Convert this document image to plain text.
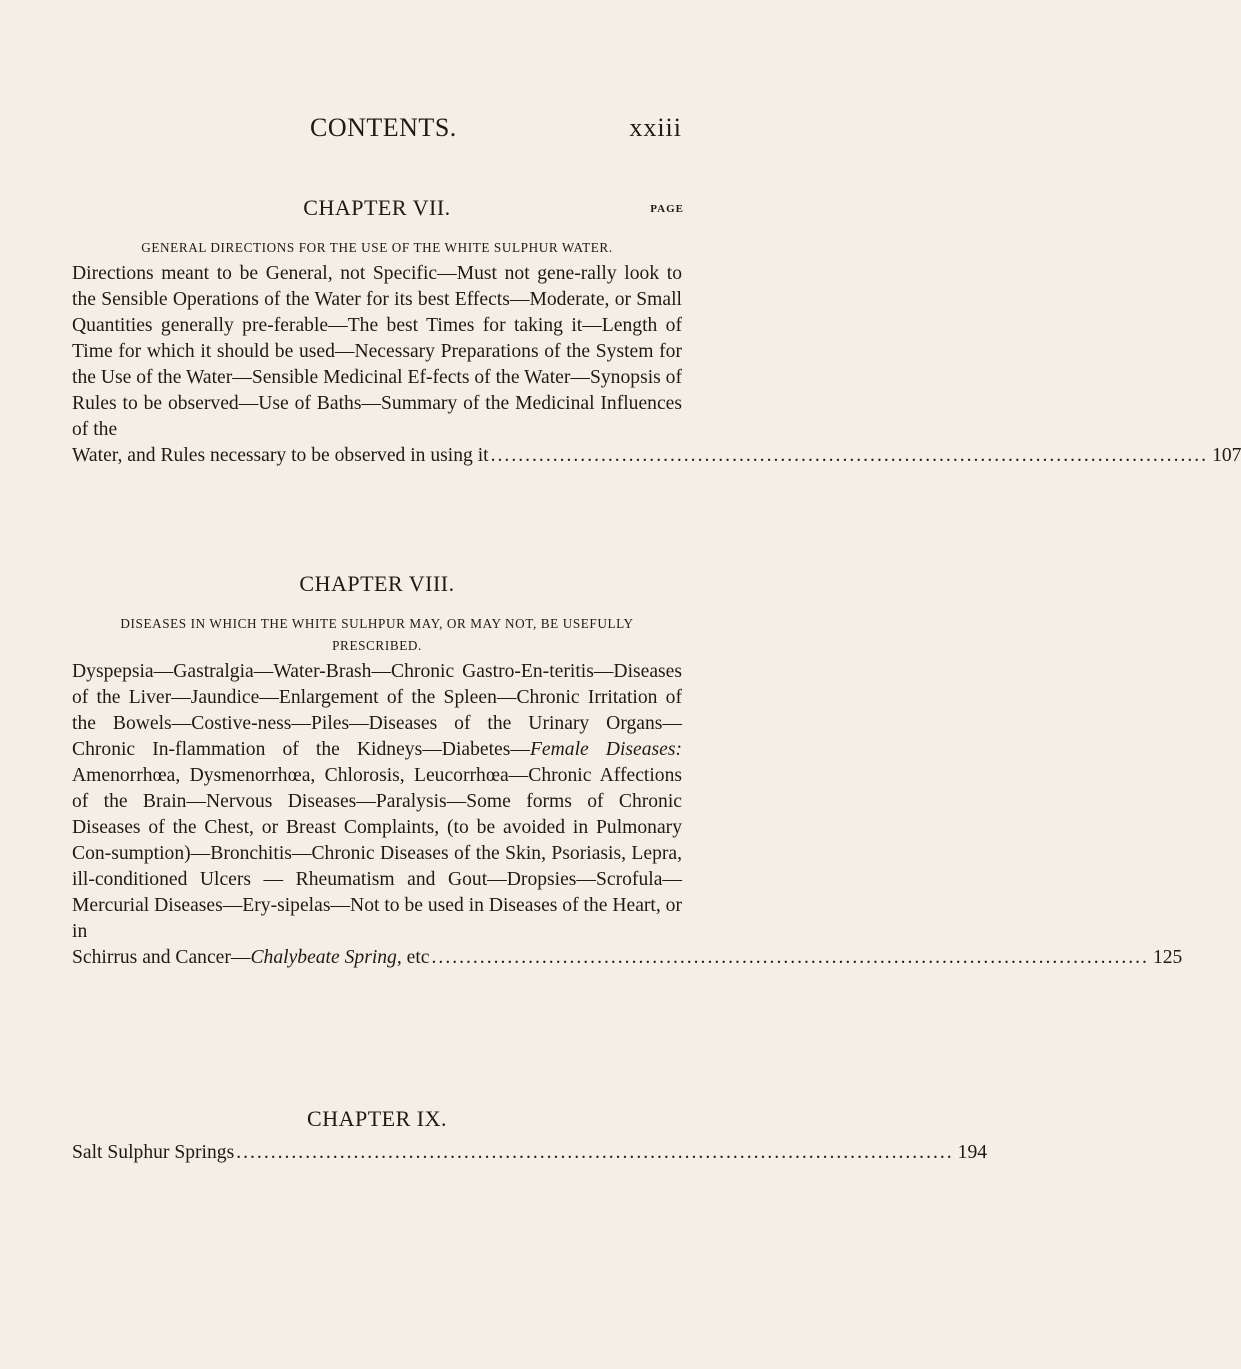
CONTENTS.	xxiii
CHAPTER VII.	PAGE
GENERAL DIRECTIONS FOR THE USE OF THE WHITE SULPHUR WATER.
Directions meant to be General, not Specific—Must not gene-rally look to the Sensible Operations of the Water for its best Effects—Moderate, or Small Quantities generally pre-ferable—The best Times for taking it—Length of Time for which it should be used—Necessary Preparations of the System for the Use of the Water—Sensible Medicinal Ef-fects of the Water—Synopsis of Rules to be observed—Use of Baths—Summary of the Medicinal Influences of the
Water, and Rules necessary to be observed in using it ........................................................................................................ 107
CHAPTER VIII.
DISEASES IN WHICH THE WHITE SULHPUR MAY, OR MAY NOT, BE USEFULLY PRESCRIBED.
Dyspepsia—Gastralgia—Water-Brash—Chronic Gastro-En-teritis—Diseases of the Liver—Jaundice—Enlargement of the Spleen—Chronic Irritation of the Bowels—Costive-ness—Piles—Diseases of the Urinary Organs—Chronic In-flammation of the Kidneys—Diabetes—Female Diseases: Amenorrhœa, Dysmenorrhœa, Chlorosis, Leucorrhœa—Chronic Affections of the Brain—Nervous Diseases—Paralysis—Some forms of Chronic Diseases of the Chest, or Breast Complaints, (to be avoided in Pulmonary Con-sumption)—Bronchitis—Chronic Diseases of the Skin, Psoriasis, Lepra, ill-conditioned Ulcers — Rheumatism and Gout—Dropsies—Scrofula—Mercurial Diseases—Ery-sipelas—Not to be used in Diseases of the Heart, or in
Schirrus and Cancer—Chalybeate Spring, etc ........................................................................................................ 125
CHAPTER IX.
Salt Sulphur Springs ........................................................................................................ 194
